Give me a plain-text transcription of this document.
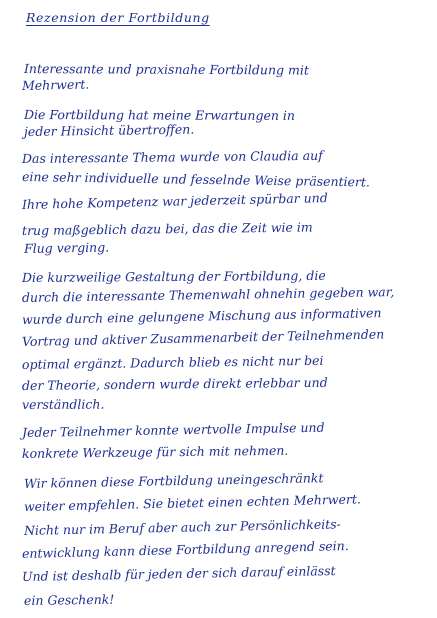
Rezension der Fortbildung
Interessante und praxisnahe Fortbildung mit
Mehrwert.
Die Fortbildung hat meine Erwartungen in
jeder Hinsicht übertroffen.
Das interessante Thema wurde von Claudia auf
eine sehr individuelle und fesselnde Weise präsentiert.
Ihre hohe Kompetenz war jederzeit spürbar und
trug maßgeblich dazu bei, das die Zeit wie im
Flug verging.
Die kurzweilige Gestaltung der Fortbildung, die
durch die interessante Themenwahl ohnehin gegeben war,
wurde durch eine gelungene Mischung aus informativen
Vortrag und aktiver Zusammenarbeit der Teilnehmenden
optimal ergänzt. Dadurch blieb es nicht nur bei
der Theorie, sondern wurde direkt erlebbar und
verständlich.
Jeder Teilnehmer konnte wertvolle Impulse und
konkrete Werkzeuge für sich mit nehmen.
Wir können diese Fortbildung uneingeschränkt
weiter empfehlen. Sie bietet einen echten Mehrwert.
Nicht nur im Beruf aber auch zur Persönlichkeits-
entwicklung kann diese Fortbildung anregend sein.
Und ist deshalb für jeden der sich darauf einlässt
ein Geschenk!
